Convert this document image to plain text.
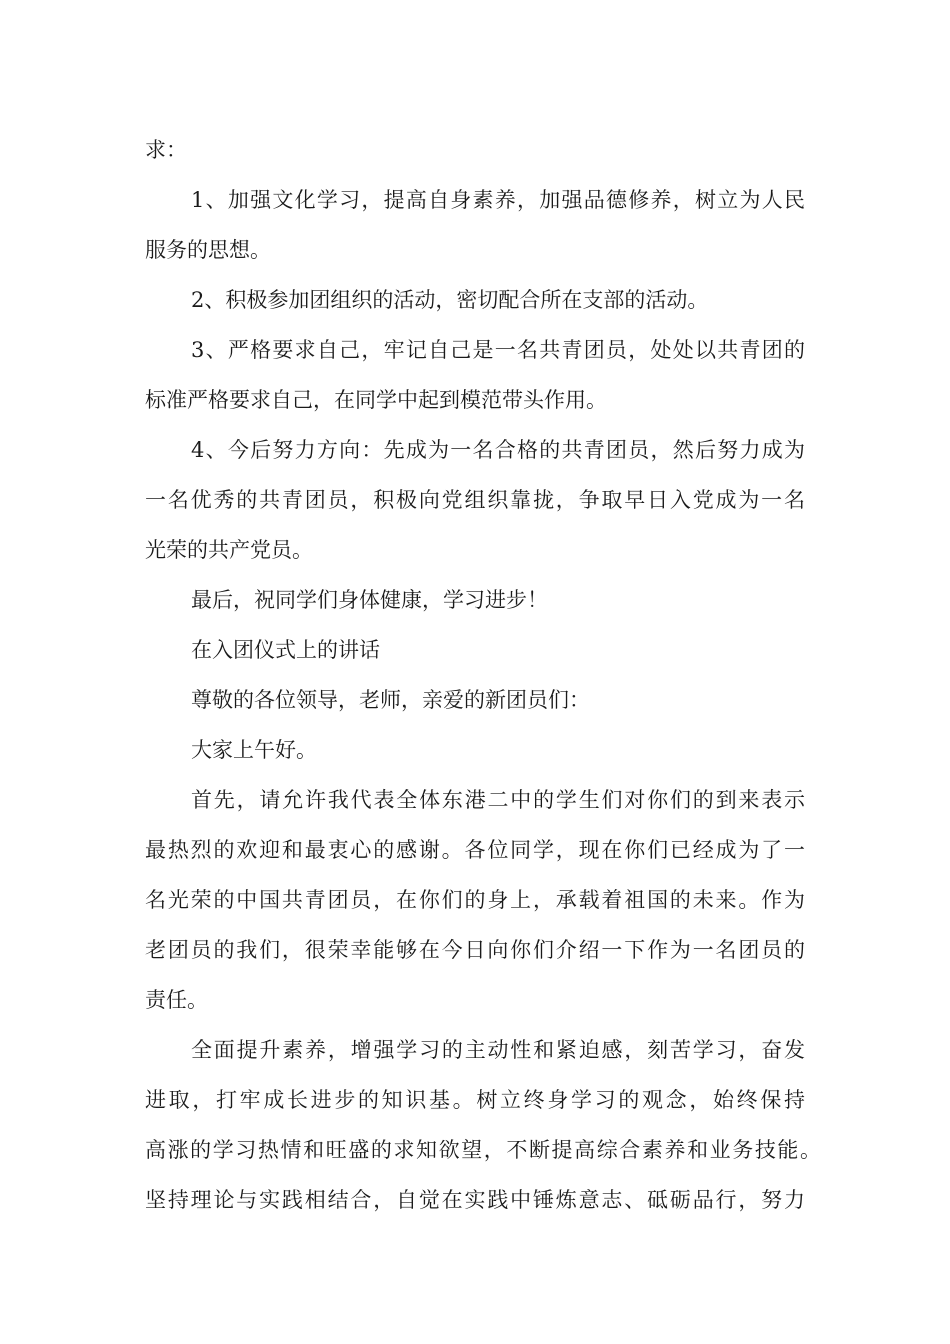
求：

1、加强文化学习，提高自身素养，加强品德修养，树立为人民

服务的思想。

2、积极参加团组织的活动，密切配合所在支部的活动。

3、严格要求自己，牢记自己是一名共青团员，处处以共青团的

标准严格要求自己，在同学中起到模范带头作用。

4、今后努力方向：先成为一名合格的共青团员，然后努力成为

一名优秀的共青团员，积极向党组织靠拢，争取早日入党成为一名

光荣的共产党员。

最后，祝同学们身体健康，学习进步！

在入团仪式上的讲话

尊敬的各位领导，老师，亲爱的新团员们：

大家上午好。

首先，请允许我代表全体东港二中的学生们对你们的到来表示

最热烈的欢迎和最衷心的感谢。各位同学，现在你们已经成为了一

名光荣的中国共青团员，在你们的身上，承载着祖国的未来。作为

老团员的我们，很荣幸能够在今日向你们介绍一下作为一名团员的

责任。

全面提升素养，增强学习的主动性和紧迫感，刻苦学习，奋发

进取，打牢成长进步的知识基。树立终身学习的观念，始终保持

高涨的学习热情和旺盛的求知欲望，不断提高综合素养和业务技能。

坚持理论与实践相结合，自觉在实践中锤炼意志、砥砺品行，努力
